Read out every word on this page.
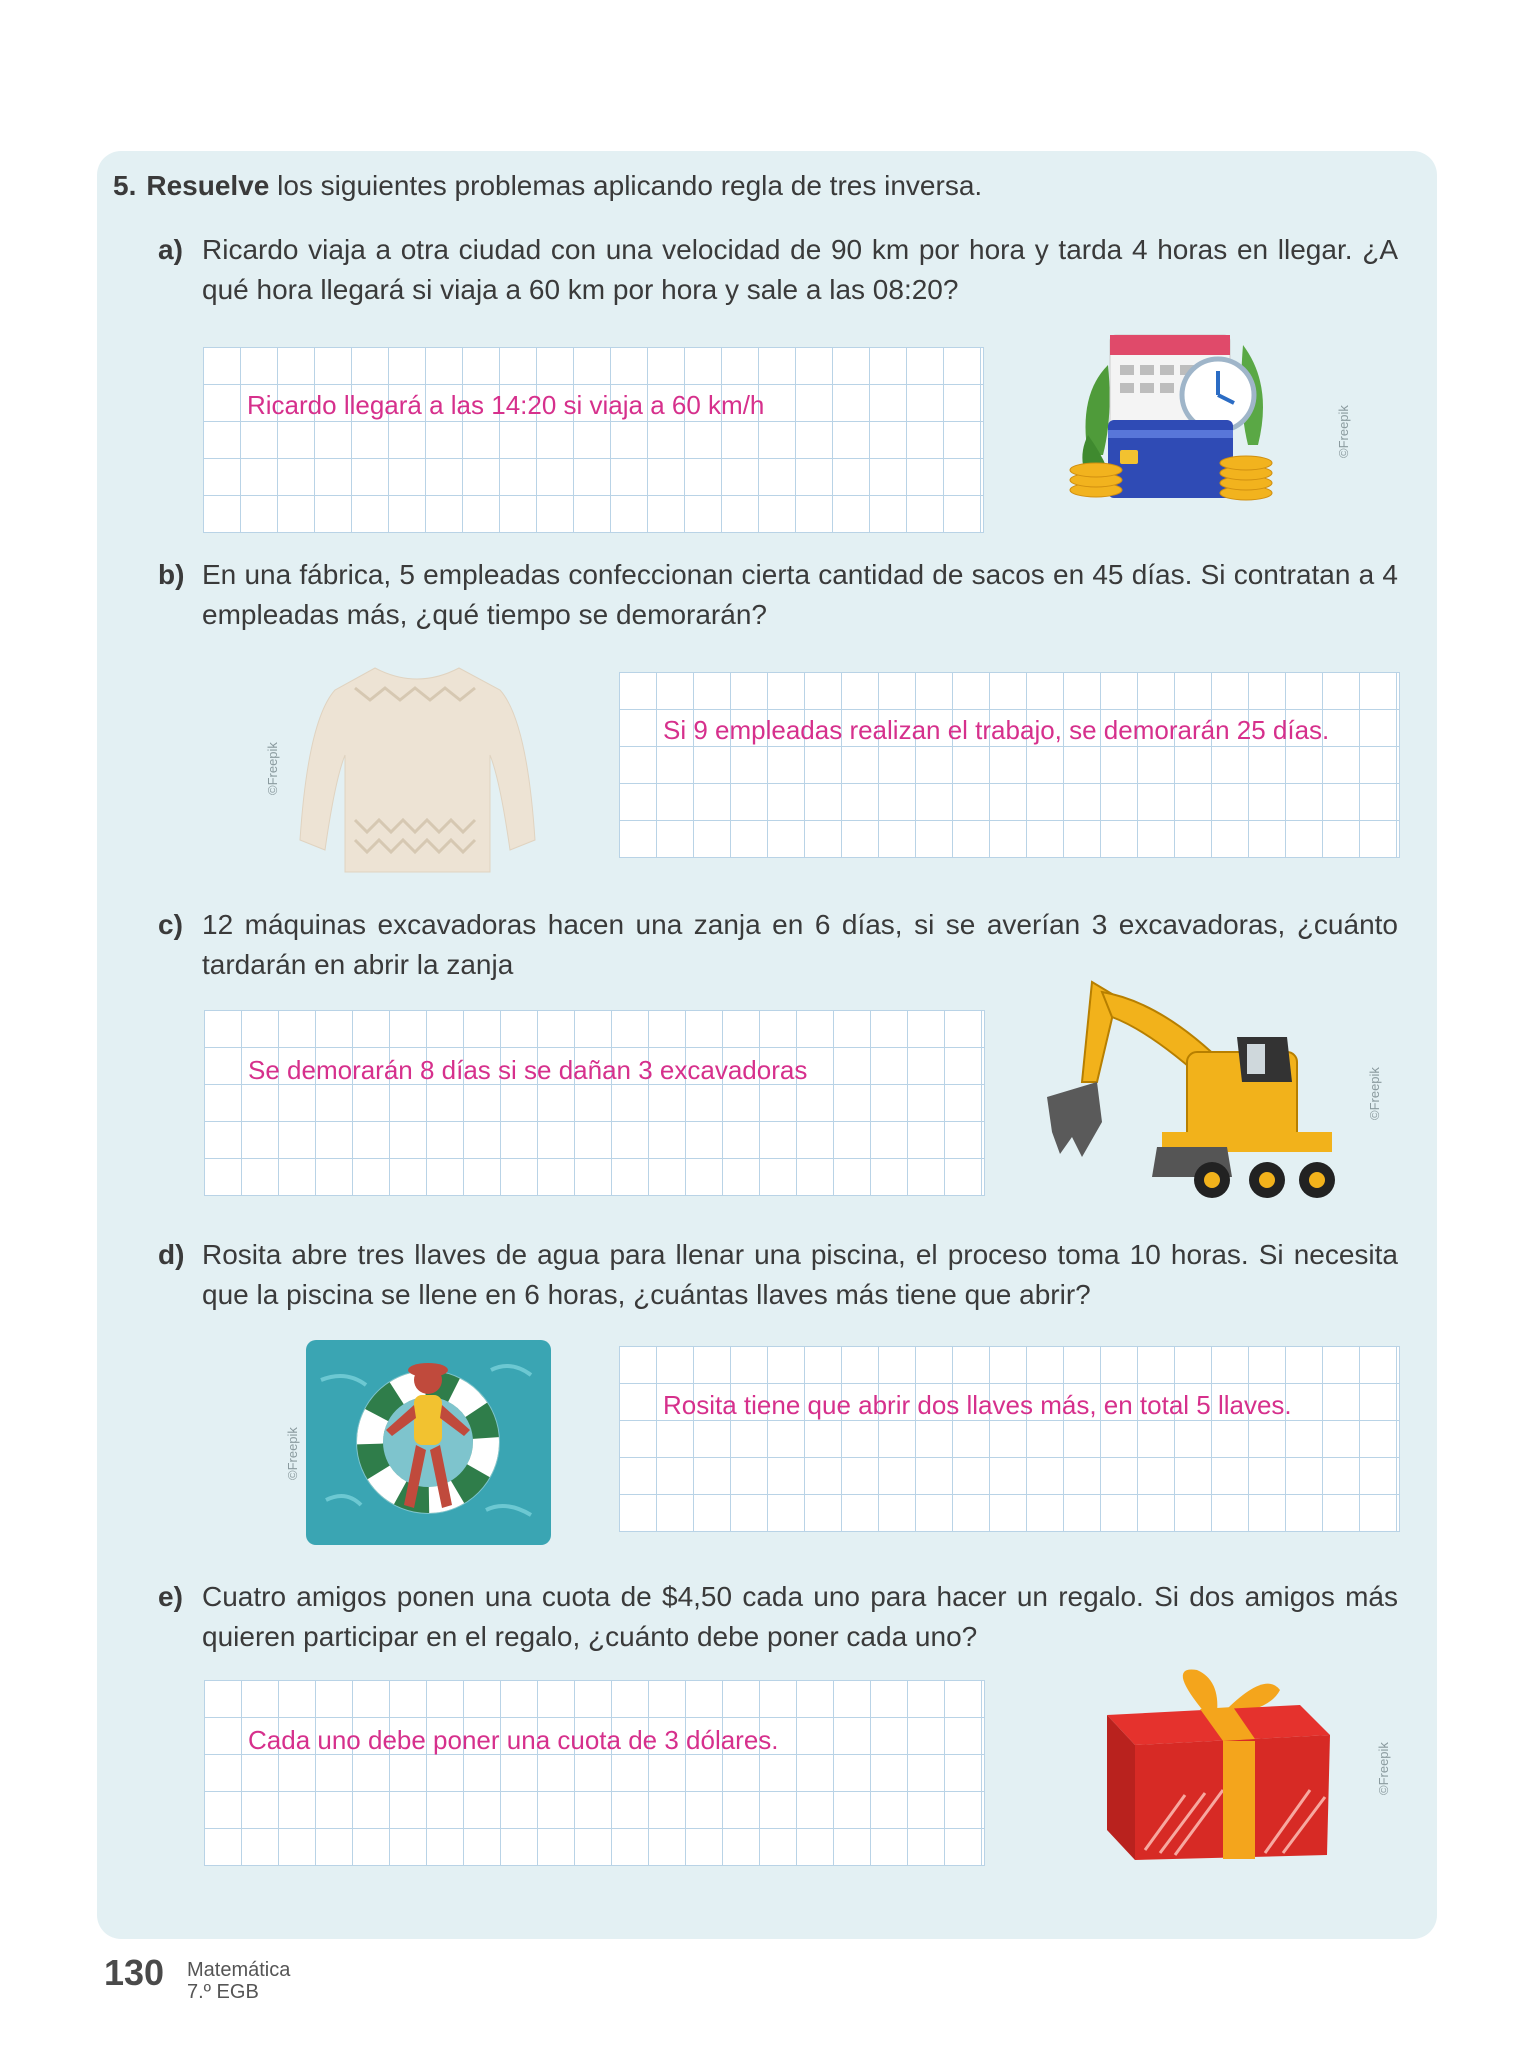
5. Resuelve los siguientes problemas aplicando regla de tres inversa.
a) Ricardo viaja a otra ciudad con una velocidad de 90 km por hora y tarda 4 horas en llegar. ¿A qué hora llegará si viaja a 60 km por hora y sale a las 08:20?
Ricardo llegará a las 14:20 si viaja a 60 km/h
©Freepik
b) En una fábrica, 5 empleadas confeccionan cierta cantidad de sacos en 45 días. Si contratan a 4 empleadas más, ¿qué tiempo se demorarán?
©Freepik
Si 9 empleadas realizan el trabajo, se demorarán 25 días.
c) 12 máquinas excavadoras hacen una zanja en 6 días, si se averían 3 excavadoras, ¿cuánto tardarán en abrir la zanja
Se demorarán 8 días si se dañan 3 excavadoras	©Freepik
d) Rosita abre tres llaves de agua para llenar una piscina, el proceso toma 10 horas. Si necesita que la piscina se llene en 6 horas, ¿cuántas llaves más tiene que abrir?
©Freepik
Rosita tiene que abrir dos llaves más, en total 5 llaves.
e) Cuatro amigos ponen una cuota de $4,50 cada uno para hacer un regalo. Si dos amigos más quieren participar en el regalo, ¿cuánto debe poner cada uno?
Cada uno debe poner una cuota de 3 dólares.
©Freepik
130 Matemática
7.º EGB
